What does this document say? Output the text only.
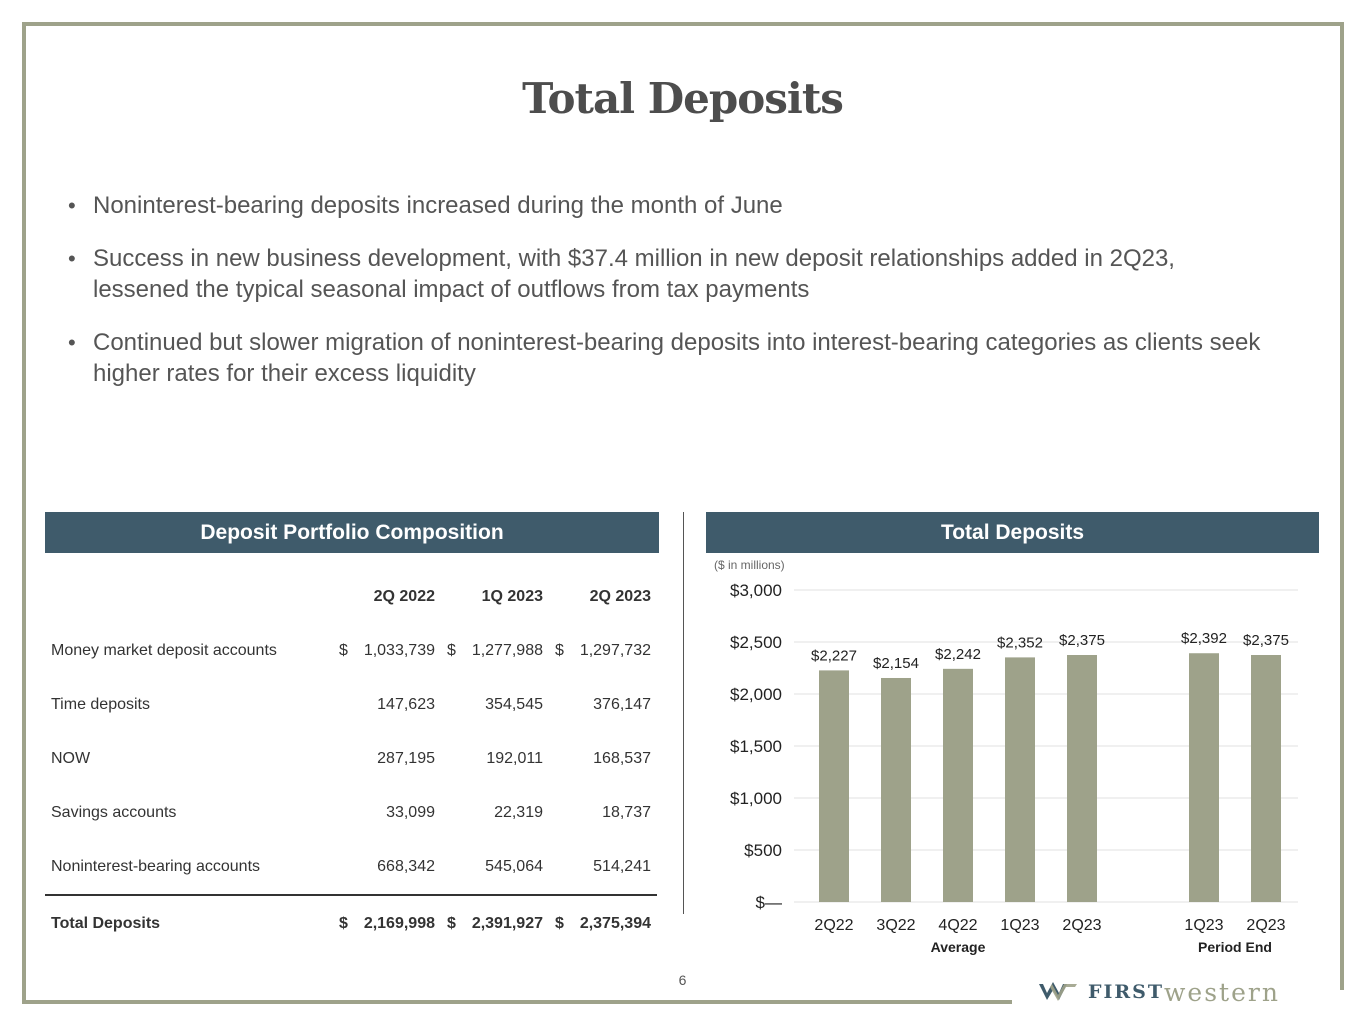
Total Deposits
• Noninterest-bearing deposits increased during the month of June
• Success in new business development, with $37.4 million in new deposit relationships added in 2Q23, lessened the typical seasonal impact of outflows from tax payments
• Continued but slower migration of noninterest-bearing deposits into interest-bearing categories as clients seek higher rates for their excess liquidity
Deposit Portfolio Composition	Total Deposits
	2Q 2022		1Q 2023		2Q 2023	
Money market deposit accounts	$	1,033,739	$	1,277,988	$	1,297,732
Time deposits		147,623		354,545		376,147
NOW		287,195		192,011		168,537
Savings accounts		33,099		22,319		18,737
Noninterest-bearing accounts		668,342		545,064		514,241
Total Deposits	$	2,169,998	$	2,391,927	$	2,375,394
($ in millions)
$—
$500
$1,000
$1,500
$2,000
$2,500
$3,000
$2,227
2Q22
$2,154
3Q22
$2,242
4Q22
$2,352
1Q23
$2,375
2Q23
Average
$2,392
1Q23
$2,375
2Q23
Period End
6
FIRST western
